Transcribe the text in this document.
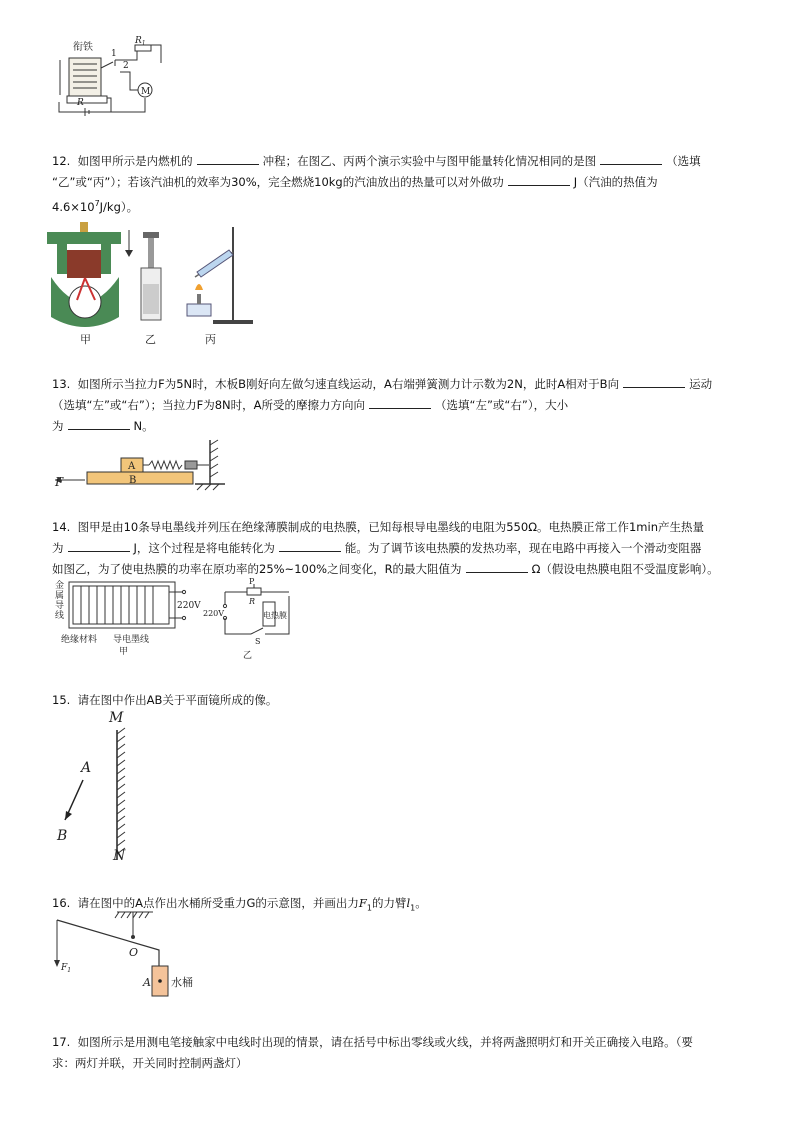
衔铁
1
2
$R_1$
M
R
12. 如图甲所示是内燃机的	冲程；在图乙、丙两个演示实验中与图甲能量转化情况相同的是图	（选填
“乙”或“丙”）；若该汽油机的效率为30%，完全燃烧10kg的汽油放出的热量可以对外做功	J（汽油的热值为
$4.6\times 10^7J/kg$）。
甲	乙	丙
13. 如图所示当拉力F为5N时，木板B刚好向左做匀速直线运动，A右端弹簧测力计示数为2N，此时A相对于B向	运动
（选填“左”或“右”）；当拉力F为8N时，A所受的摩擦力方向向	（选填“左”或“右”），大小
为	N。
F
A
B
14. 图甲是由10条导电墨线并列压在绝缘薄膜制成的电热膜，已知每根导电墨线的电阻为550Ω。电热膜正常工作1min产生热量
为	J，这个过程是将电能转化为	能。为了调节该电热膜的发热功率，现在电路中再接入一个滑动变阻器
如图乙，为了使电热膜的功率在原功率的25%~100%之间变化，R的最大阻值为	Ω（假设电热膜电阻不受温度影响）。
金
属
导
线
220V
绝缘材料 导电墨线
甲
P
R
220V	电热膜
S
乙
15. 请在图中作出AB关于平面镜所成的像。
M
A
B
N
16. 请在图中的A点作出水桶所受重力G的示意图，并画出力$F_1$的力臂$l_1$。
$F_1$
O
A 水桶
17. 如图所示是用测电笔接触家中电线时出现的情景，请在括号中标出零线或火线，并将两盏照明灯和开关正确接入电路。（要
求：两灯并联，开关同时控制两盏灯）
